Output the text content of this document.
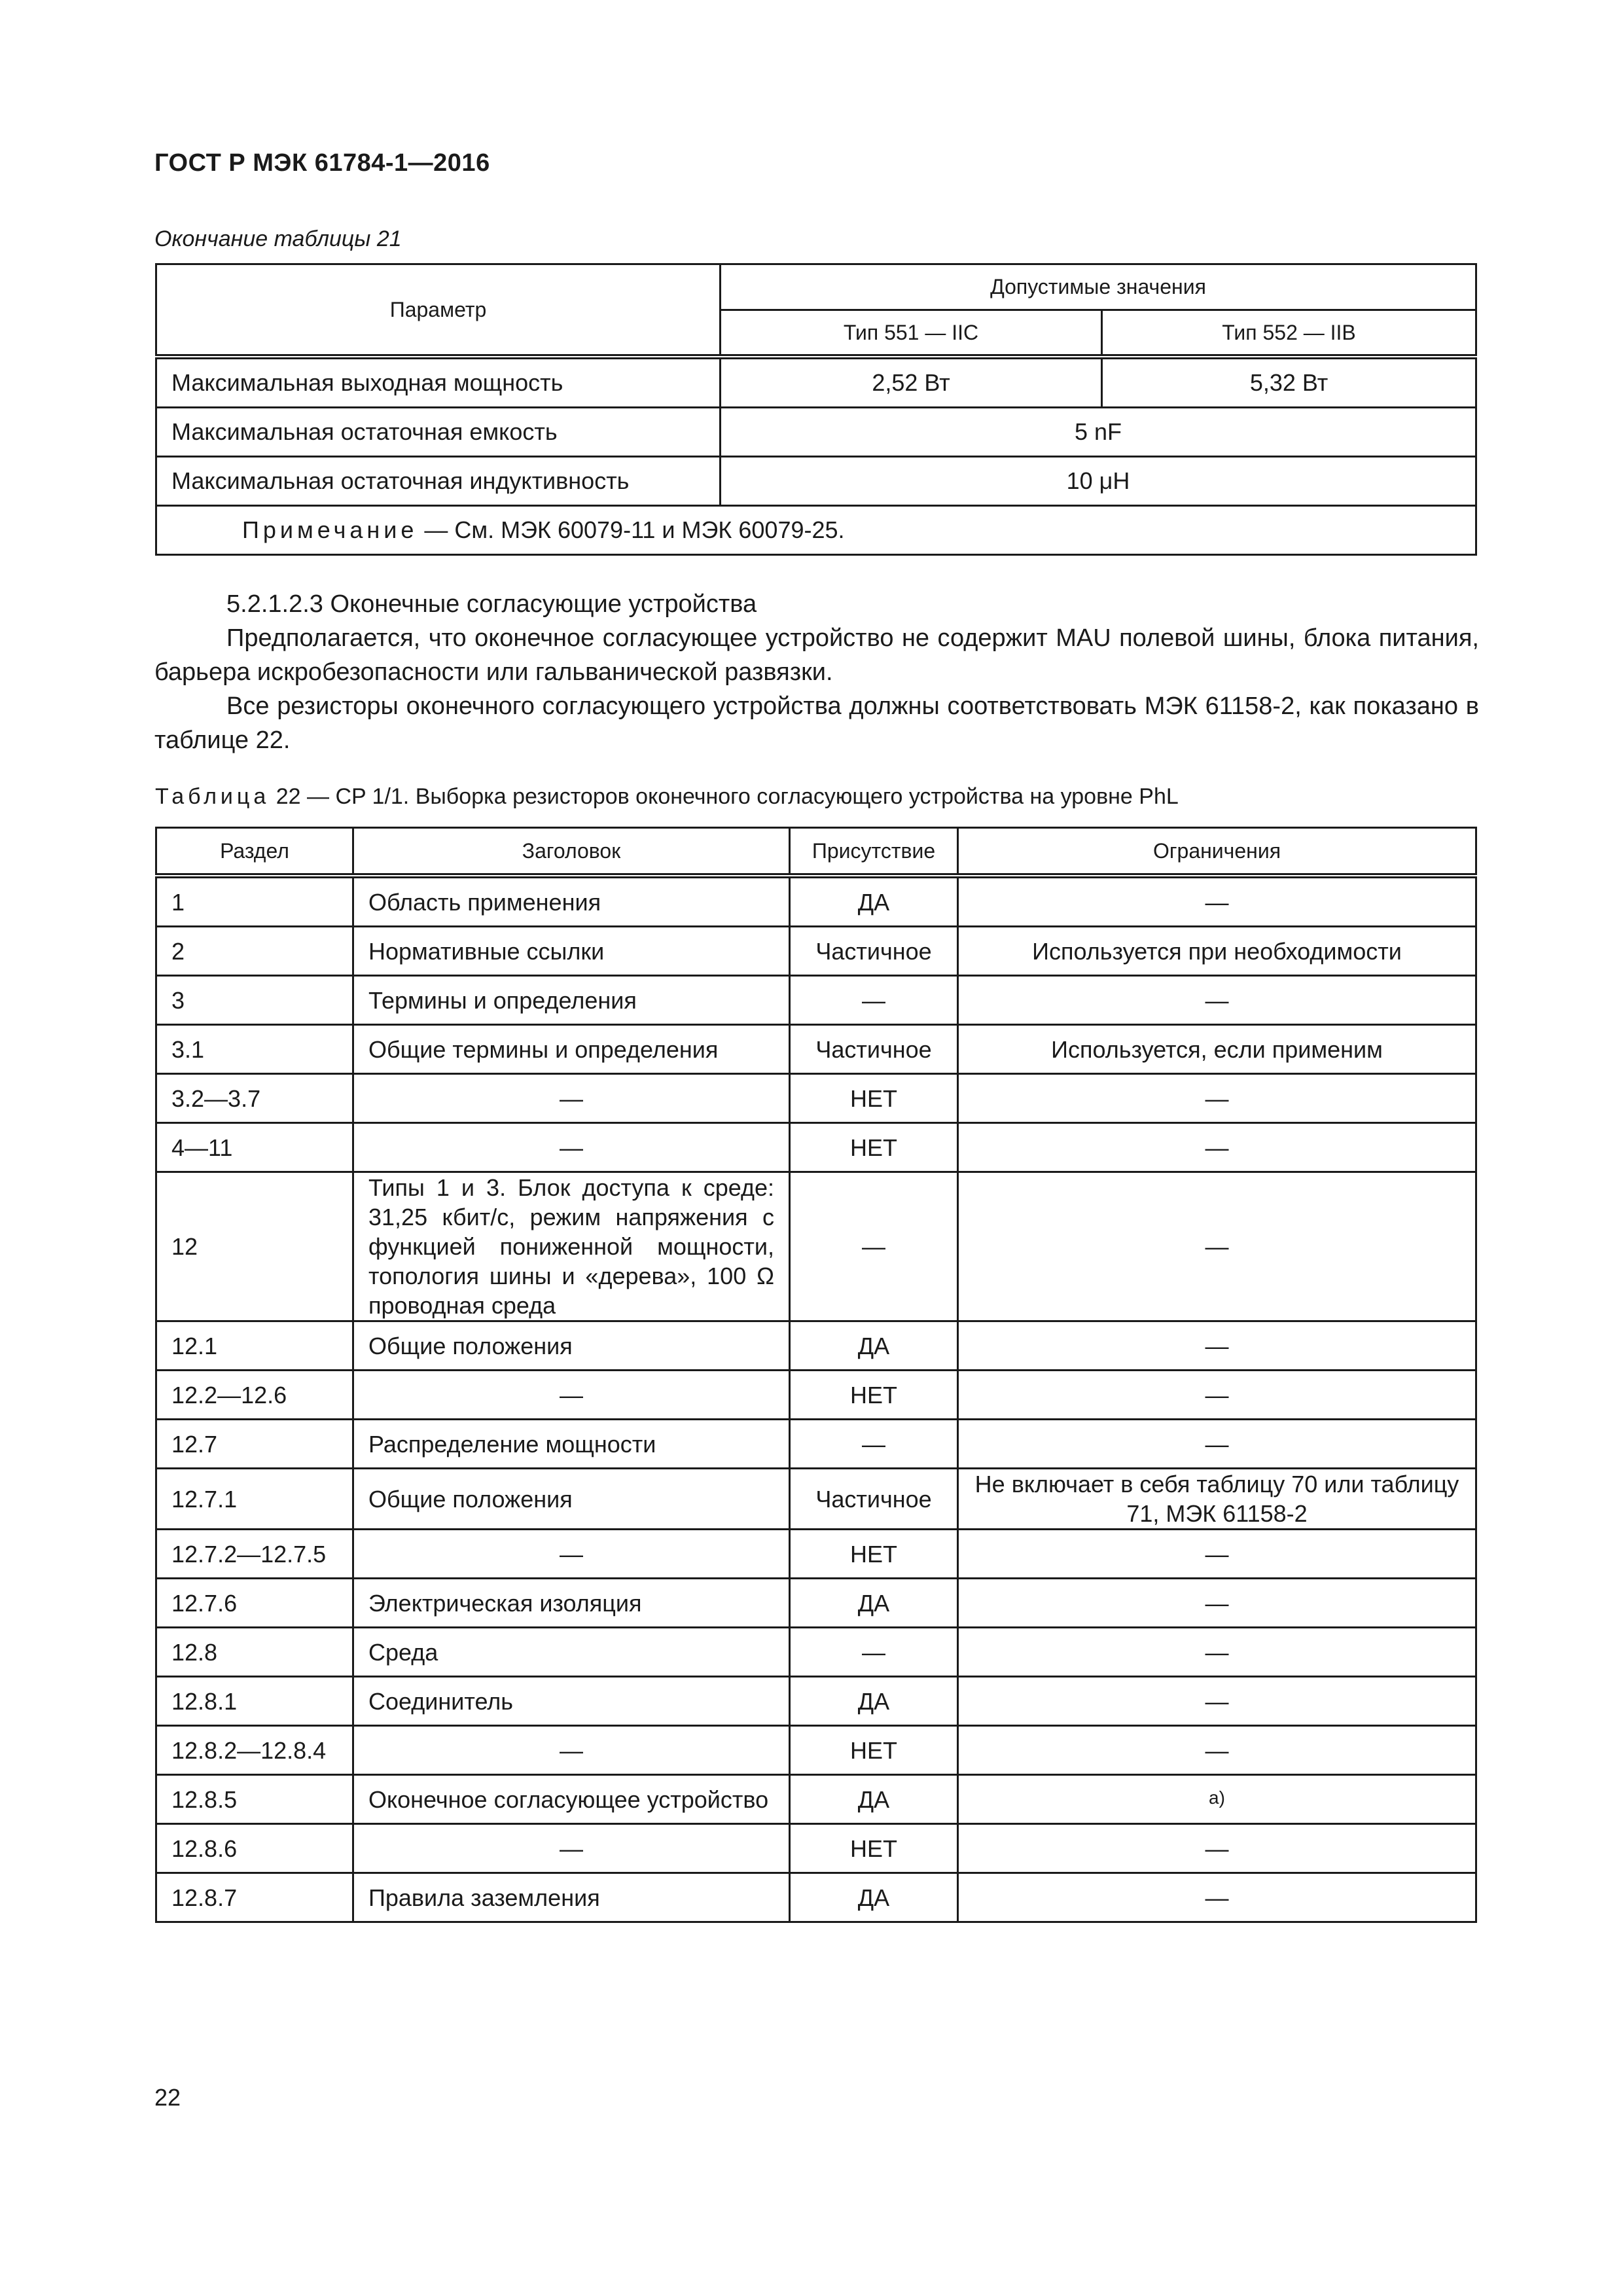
ГОСТ Р МЭК 61784-1—2016
Окончание таблицы 21
Параметр	Допустимые значения	
	Тип 551 — IIC	Тип 552 — IIB
Максимальная выходная мощность	2,52 Вт	5,32 Вт
Максимальная остаточная емкость	5 nF	
Максимальная остаточная индуктивность	10 μH	
Примечание — См. МЭК 60079-11 и МЭК 60079-25.		
5.2.1.2.3 Оконечные согласующие устройства
Предполагается, что оконечное согласующее устройство не содержит MAU полевой шины, блока питания, барьера искробезопасности или гальванической развязки.
Все резисторы оконечного согласующего устройства должны соответствовать МЭК 61158-2, как показано в таблице 22.
Таблица 22 — CP 1/1. Выборка резисторов оконечного согласующего устройства на уровне PhL
Раздел	Заголовок	Присутствие	Ограничения
1	Область применения	ДА	—
2	Нормативные ссылки	Частичное	Используется при необходимости
3	Термины и определения	—	—
3.1	Общие термины и определения	Частичное	Используется, если применим
3.2—3.7	—	НЕТ	—
4—11	—	НЕТ	—
12	Типы 1 и 3. Блок доступа к среде: 31,25 кбит/с, режим напряжения с функцией пониженной мощности, топология шины и «дерева», 100 Ω проводная среда	—	—
12.1	Общие положения	ДА	—
12.2—12.6	—	НЕТ	—
12.7	Распределение мощности	—	—
12.7.1	Общие положения	Частичное	Не включает в себя таблицу 70 или таблицу 71, МЭК 61158-2
12.7.2—12.7.5	—	НЕТ	—
12.7.6	Электрическая изоляция	ДА	—
12.8	Среда	—	—
12.8.1	Соединитель	ДА	—
12.8.2—12.8.4	—	НЕТ	—
12.8.5	Оконечное согласующее устройство	ДА	$^{a)}$
12.8.6	—	НЕТ	—
12.8.7	Правила заземления	ДА	—
22
